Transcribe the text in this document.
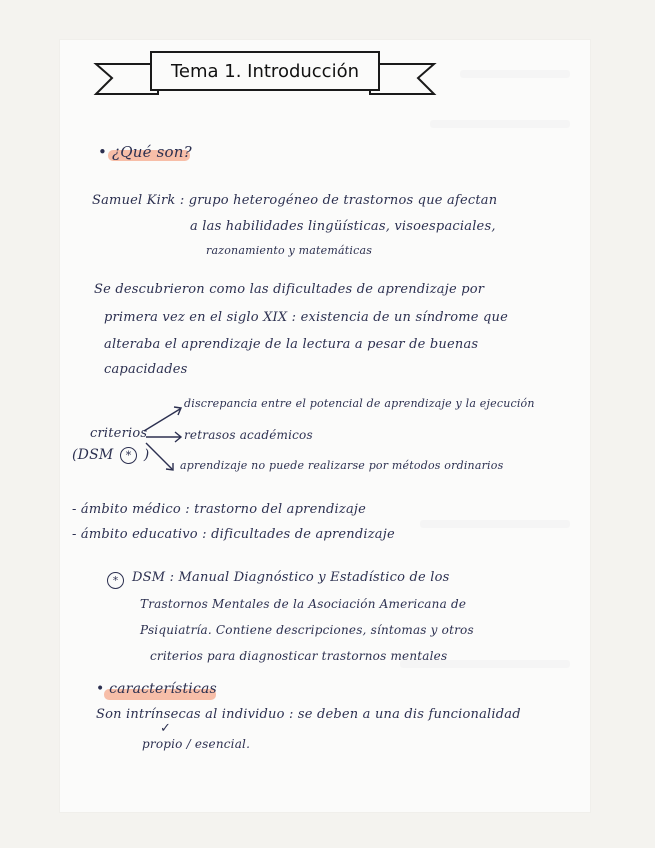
Tema 1. Introducción
• ¿Qué son?
Samuel Kirk : grupo heterogéneo de trastornos que afectan
a las habilidades lingüísticas, visoespaciales,
razonamiento y matemáticas
Se descubrieron como las dificultades de aprendizaje por
primera vez en el siglo XIX : existencia de un síndrome que
alteraba el aprendizaje de la lectura a pesar de buenas
capacidades
criterios
(DSM * )
discrepancia entre el potencial de aprendizaje y la ejecución
retrasos académicos
aprendizaje no puede realizarse por métodos ordinarios
- ámbito médico : trastorno del aprendizaje
- ámbito educativo : dificultades de aprendizaje
*	DSM : Manual Diagnóstico y Estadístico de los
Trastornos Mentales de la Asociación Americana de
Psiquiatría. Contiene descripciones, síntomas y otros
criterios para diagnosticar trastornos mentales
• características
Son intrínsecas al individuo : se deben a una dis funcionalidad
✓
propio / esencial.
